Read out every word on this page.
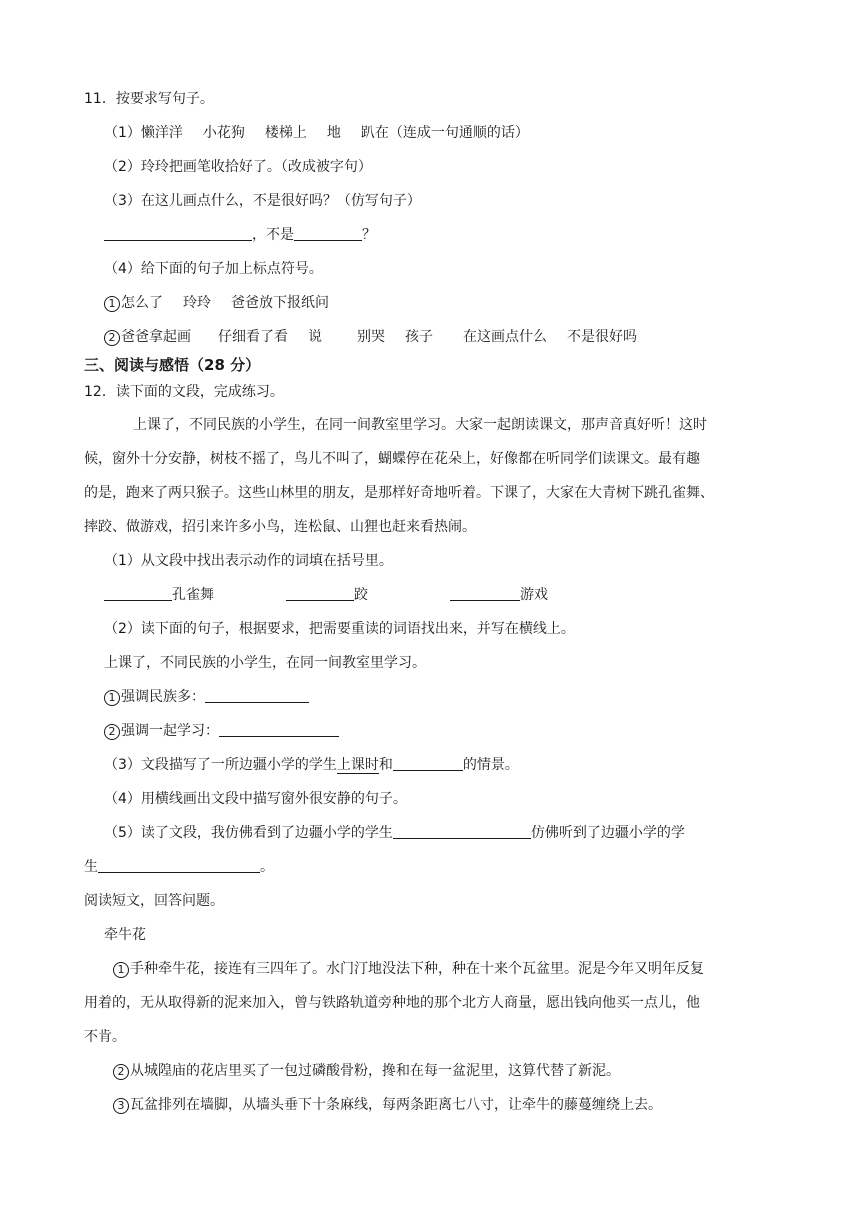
11．按要求写句子。
（1）懒洋洋 小花狗 楼梯上 地 趴在（连成一句通顺的话）
（2）玲玲把画笔收拾好了。（改成被字句）
（3）在这儿画点什么，不是很好吗？（仿写句子）
，不是	？
（4）给下面的句子加上标点符号。
1 怎么了 玲玲 爸爸放下报纸问
2 爸爸拿起画 仔细看了看 说	别哭 孩子 在这画点什么 不是很好吗
三、阅读与感悟（28 分）
12．读下面的文段，完成练习。
上课了，不同民族的小学生，在同一间教室里学习。大家一起朗读课文，那声音真好听！这时
候，窗外十分安静，树枝不摇了，鸟儿不叫了，蝴蝶停在花朵上，好像都在听同学们读课文。最有趣
的是，跑来了两只猴子。这些山林里的朋友，是那样好奇地听着。下课了，大家在大青树下跳孔雀舞、
摔跤、做游戏，招引来许多小鸟，连松鼠、山狸也赶来看热闹。
（1）从文段中找出表示动作的词填在括号里。
孔雀舞	跤	游戏
（2）读下面的句子，根据要求，把需要重读的词语找出来，并写在横线上。
上课了，不同民族的小学生，在同一间教室里学习。
1 强调民族多：
2 强调一起学习：
（3）文段描写了一所边疆小学的学生上课时和	的情景。
（4）用横线画出文段中描写窗外很安静的句子。
（5）读了文段，我仿佛看到了边疆小学的学生	仿佛听到了边疆小学的学
生	。
阅读短文，回答问题。
牵牛花
1 手种牵牛花，接连有三四年了。水门汀地没法下种，种在十来个瓦盆里。泥是今年又明年反复
用着的，无从取得新的泥来加入，曾与铁路轨道旁种地的那个北方人商量，愿出钱向他买一点儿，他
不肯。
2 从城隍庙的花店里买了一包过磷酸骨粉，搀和在每一盆泥里，这算代替了新泥。
3 瓦盆排列在墙脚，从墙头垂下十条麻线，每两条距离七八寸，让牵牛的藤蔓缠绕上去。
